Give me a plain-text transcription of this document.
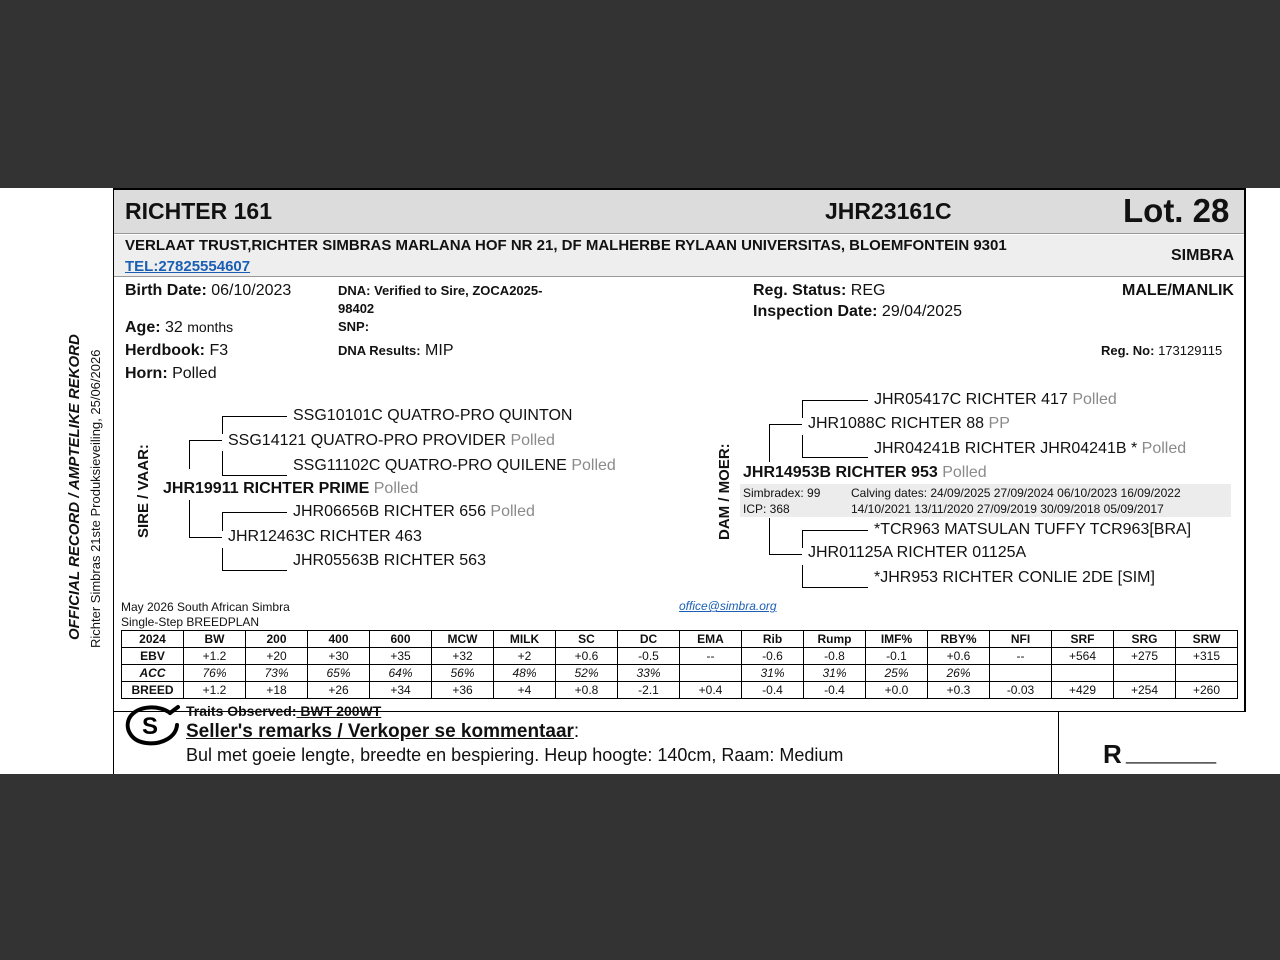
RICHTER 161	JHR23161C	Lot. 28
VERLAAT TRUST,RICHTER SIMBRAS MARLANA HOF NR 21, DF MALHERBE RYLAAN UNIVERSITAS, BLOEMFONTEIN 9301
TEL:27825554607
SIMBRA
OFFICIAL RECORD / AMPTELIKE REKORD Richter Simbras 21ste Produksieveiling, 25/06/2026
Birth Date: 06/10/2023
Age: 32 months
Herdbook: F3
Horn: Polled
DNA: Verified to Sire, ZOCA2025-
98402
SNP:
DNA Results: MIP
Reg. Status: REG
Inspection Date: 29/04/2025
MALE/MANLIK
Reg. No: 173129115
SIRE / VAAR:
SSG10101C QUATRO-PRO QUINTON
SSG14121 QUATRO-PRO PROVIDER Polled
SSG11102C QUATRO-PRO QUILENE Polled
JHR19911 RICHTER PRIME Polled
JHR06656B RICHTER 656 Polled
JHR12463C RICHTER 463
JHR05563B RICHTER 563
DAM / MOER:
JHR05417C RICHTER 417 Polled
JHR1088C RICHTER 88 PP
JHR04241B RICHTER JHR04241B * Polled
JHR14953B RICHTER 953 Polled
Simbradex: 99
ICP: 368
Calving dates: 24/09/2025 27/09/2024 06/10/2023 16/09/2022
14/10/2021 13/11/2020 27/09/2019 30/09/2018 05/09/2017
*TCR963 MATSULAN TUFFY TCR963[BRA]
JHR01125A RICHTER 01125A
*JHR953 RICHTER CONLIE 2DE [SIM]
May 2026 South African Simbra
Single-Step BREEDPLAN
office@simbra.org
2024	BW	200	400	600	MCW	MILK	SC	DC	EMA	Rib	Rump	IMF%	RBY%	NFI	SRF	SRG	SRW
EBV	+1.2	+20	+30	+35	+32	+2	+0.6	-0.5	--	-0.6	-0.8	-0.1	+0.6	--	+564	+275	+315
ACC	76%	73%	65%	64%	56%	48%	52%	33%		31%	31%	25%	26%				
BREED	+1.2	+18	+26	+34	+36	+4	+0.8	-2.1	+0.4	-0.4	-0.4	+0.0	+0.3	-0.03	+429	+254	+260
S
Traits Observed: BWT 200WT
Seller's remarks / Verkoper se kommentaar:
Bul met goeie lengte, breedte en bespiering. Heup hoogte: 140cm, Raam: Medium	R _________
